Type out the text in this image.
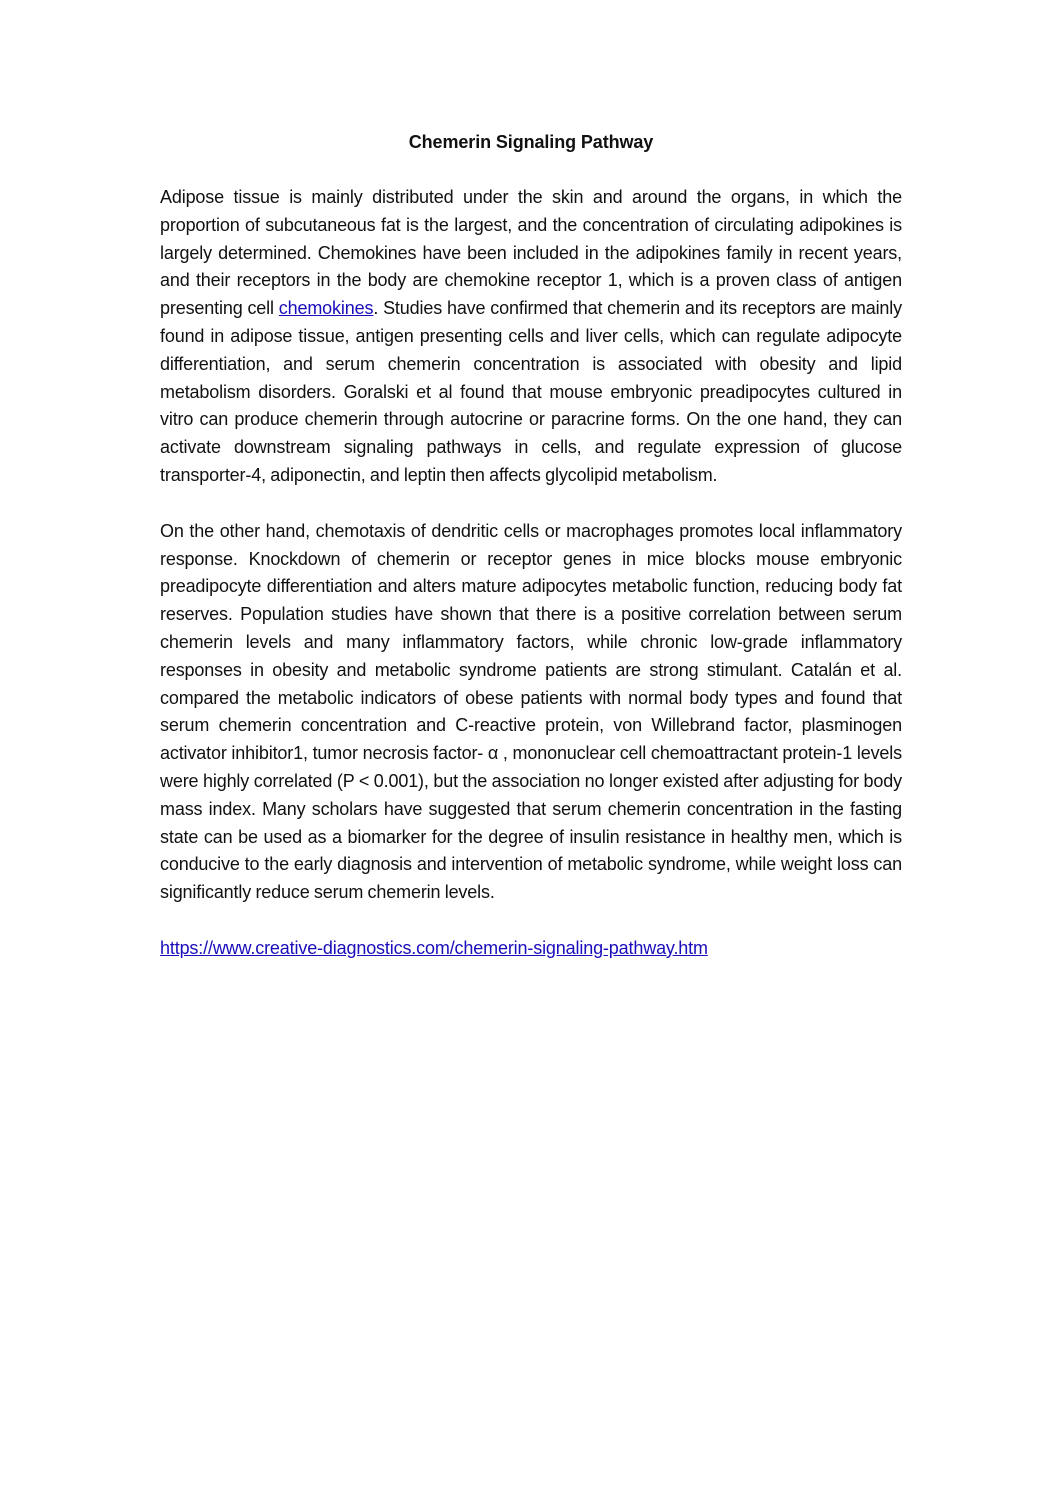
Chemerin Signaling Pathway

Adipose tissue is mainly distributed under the skin and around the organs, in which the proportion of subcutaneous fat is the largest, and the concentration of circulating adipokines is largely determined. Chemokines have been included in the adipokines family in recent years, and their receptors in the body are chemokine receptor 1, which is a proven class of antigen presenting cell chemokines. Studies have confirmed that chemerin and its receptors are mainly found in adipose tissue, antigen presenting cells and liver cells, which can regulate adipocyte differentiation, and serum chemerin concentration is associated with obesity and lipid metabolism disorders. Goralski et al found that mouse embryonic preadipocytes cultured in vitro can produce chemerin through autocrine or paracrine forms. On the one hand, they can activate downstream signaling pathways in cells, and regulate expression of glucose transporter-4, adiponectin, and leptin then affects glycolipid metabolism.

On the other hand, chemotaxis of dendritic cells or macrophages promotes local inflammatory response. Knockdown of chemerin or receptor genes in mice blocks mouse embryonic preadipocyte differentiation and alters mature adipocytes metabolic function, reducing body fat reserves. Population studies have shown that there is a positive correlation between serum chemerin levels and many inflammatory factors, while chronic low-grade inflammatory responses in obesity and metabolic syndrome patients are strong stimulant. Catalán et al. compared the metabolic indicators of obese patients with normal body types and found that serum chemerin concentration and C-reactive protein, von Willebrand factor, plasminogen activator inhibitor1, tumor necrosis factor- α , mononuclear cell chemoattractant protein-1 levels were highly correlated (P < 0.001), but the association no longer existed after adjusting for body mass index. Many scholars have suggested that serum chemerin concentration in the fasting state can be used as a biomarker for the degree of insulin resistance in healthy men, which is conducive to the early diagnosis and intervention of metabolic syndrome, while weight loss can significantly reduce serum chemerin levels.

https://www.creative-diagnostics.com/chemerin-signaling-pathway.htm
